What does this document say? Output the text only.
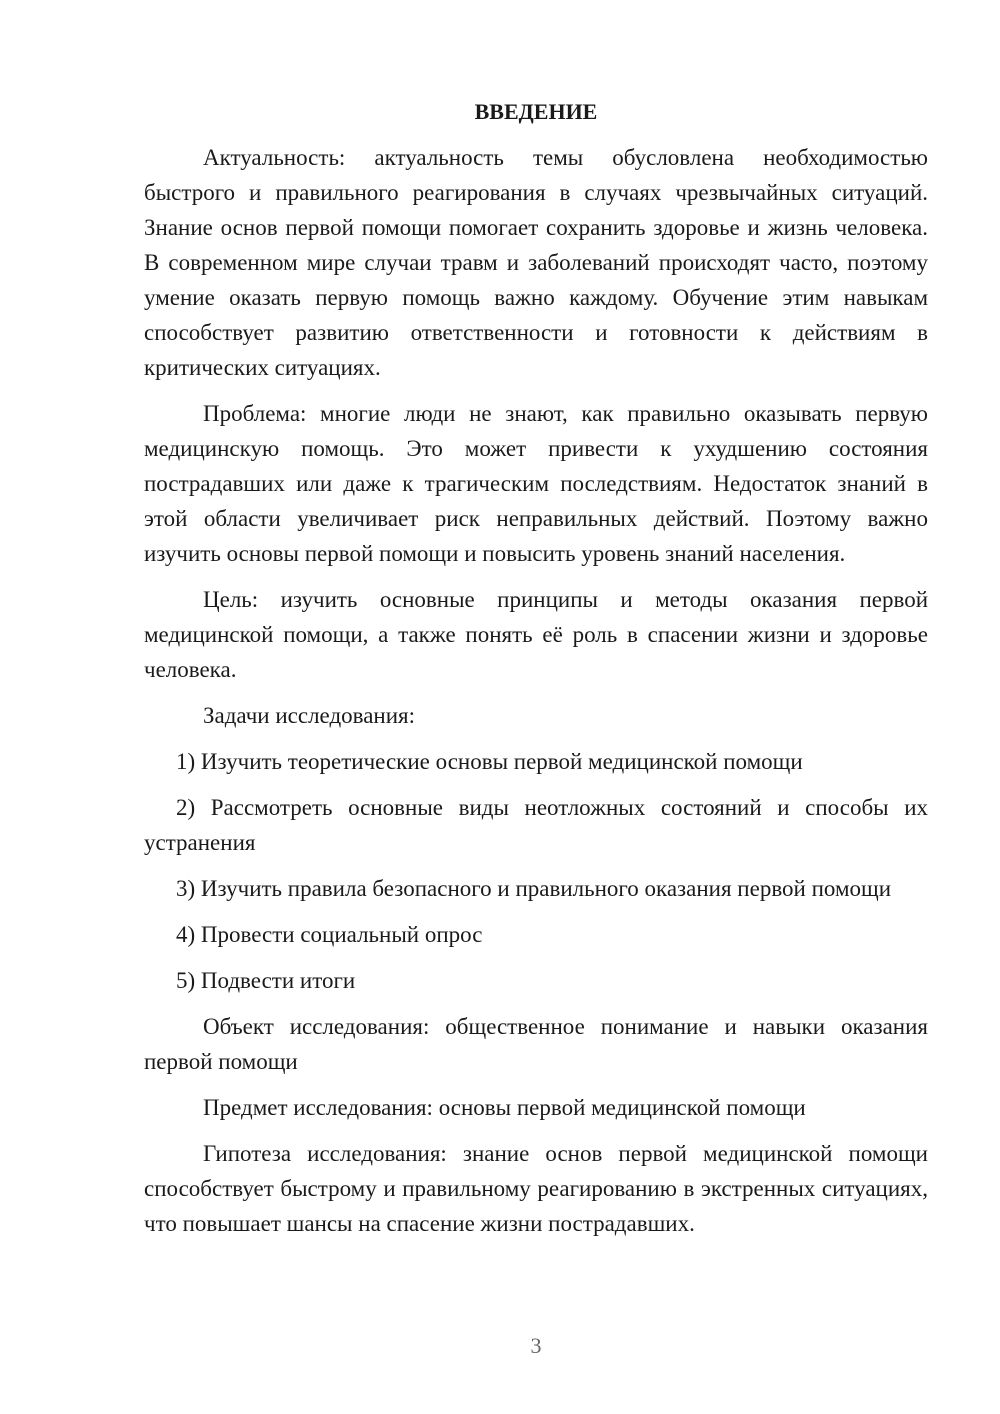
ВВЕДЕНИЕ

Актуальность: актуальность темы обусловлена необходимостью быстрого и правильного реагирования в случаях чрезвычайных ситуаций. Знание основ первой помощи помогает сохранить здоровье и жизнь человека. В современном мире случаи травм и заболеваний происходят часто, поэтому умение оказать первую помощь важно каждому. Обучение этим навыкам способствует развитию ответственности и готовности к действиям в критических ситуациях.

Проблема: многие люди не знают, как правильно оказывать первую медицинскую помощь. Это может привести к ухудшению состояния пострадавших или даже к трагическим последствиям. Недостаток знаний в этой области увеличивает риск неправильных действий. Поэтому важно изучить основы первой помощи и повысить уровень знаний населения.

Цель: изучить основные принципы и методы оказания первой медицинской помощи, а также понять её роль в спасении жизни и здоровье человека.

Задачи исследования:

1) Изучить теоретические основы первой медицинской помощи

2) Рассмотреть основные виды неотложных состояний и способы их устранения

3) Изучить правила безопасного и правильного оказания первой помощи

4) Провести социальный опрос

5) Подвести итоги

Объект исследования: общественное понимание и навыки оказания первой помощи

Предмет исследования: основы первой медицинской помощи

Гипотеза исследования: знание основ первой медицинской помощи способствует быстрому и правильному реагированию в экстренных ситуациях, что повышает шансы на спасение жизни пострадавших.

3
